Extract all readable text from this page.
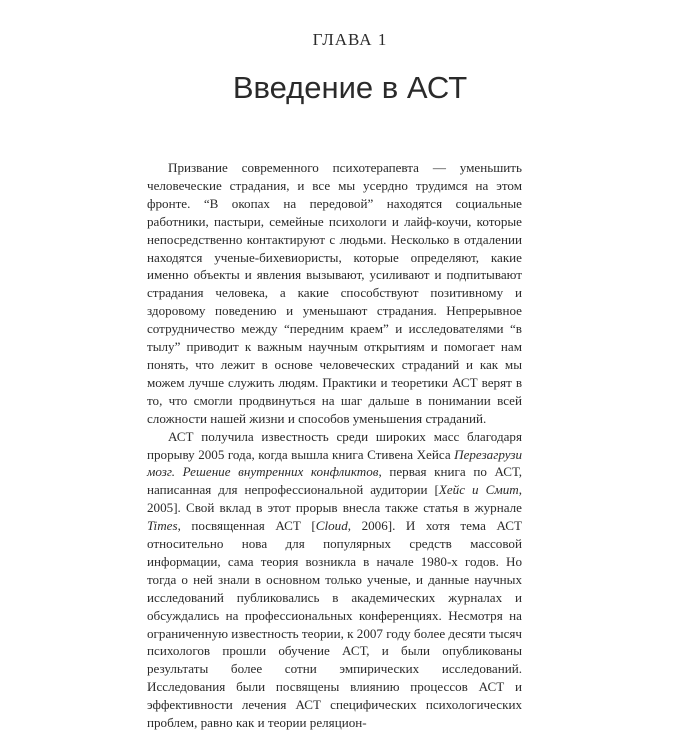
ГЛАВА 1
Введение в АСТ

Призвание современного психотерапевта — уменьшить человеческие страдания, и все мы усердно трудимся на этом фронте. “В окопах на передовой” находятся социальные работники, пастыри, семейные психологи и лайф-коучи, которые непосредственно контактируют с людьми. Несколько в отдалении находятся ученые-бихевиористы, которые определяют, какие именно объекты и явления вызывают, усиливают и подпитывают страдания человека, а какие способствуют позитивному и здоровому поведению и уменьшают страдания. Непрерывное сотрудничество между “передним краем” и исследователями “в тылу” приводит к важным научным открытиям и помогает нам понять, что лежит в основе человеческих страданий и как мы можем лучше служить людям. Практики и теоретики АСТ верят в то, что смогли продвинуться на шаг дальше в понимании всей сложности нашей жизни и способов уменьшения страданий.

АСТ получила известность среди широких масс благодаря прорыву 2005 года, когда вышла книга Стивена Хейса Перезагрузи мозг. Решение внутренних конфликтов, первая книга по АСТ, написанная для непрофессиональной аудитории [Хейс и Смит, 2005]. Свой вклад в этот прорыв внесла также статья в журнале Times, посвященная АСТ [Cloud, 2006]. И хотя тема АСТ относительно нова для популярных средств массовой информации, сама теория возникла в начале 1980-х годов. Но тогда о ней знали в основном только ученые, и данные научных исследований публиковались в академических журналах и обсуждались на профессиональных конференциях. Несмотря на ограниченную известность теории, к 2007 году более десяти тысяч психологов прошли обучение АСТ, и были опубликованы результаты более сотни эмпирических исследований. Исследования были посвящены влиянию процессов АСТ и эффективности лечения АСТ специфических психологических проблем, равно как и теории реляцион-
